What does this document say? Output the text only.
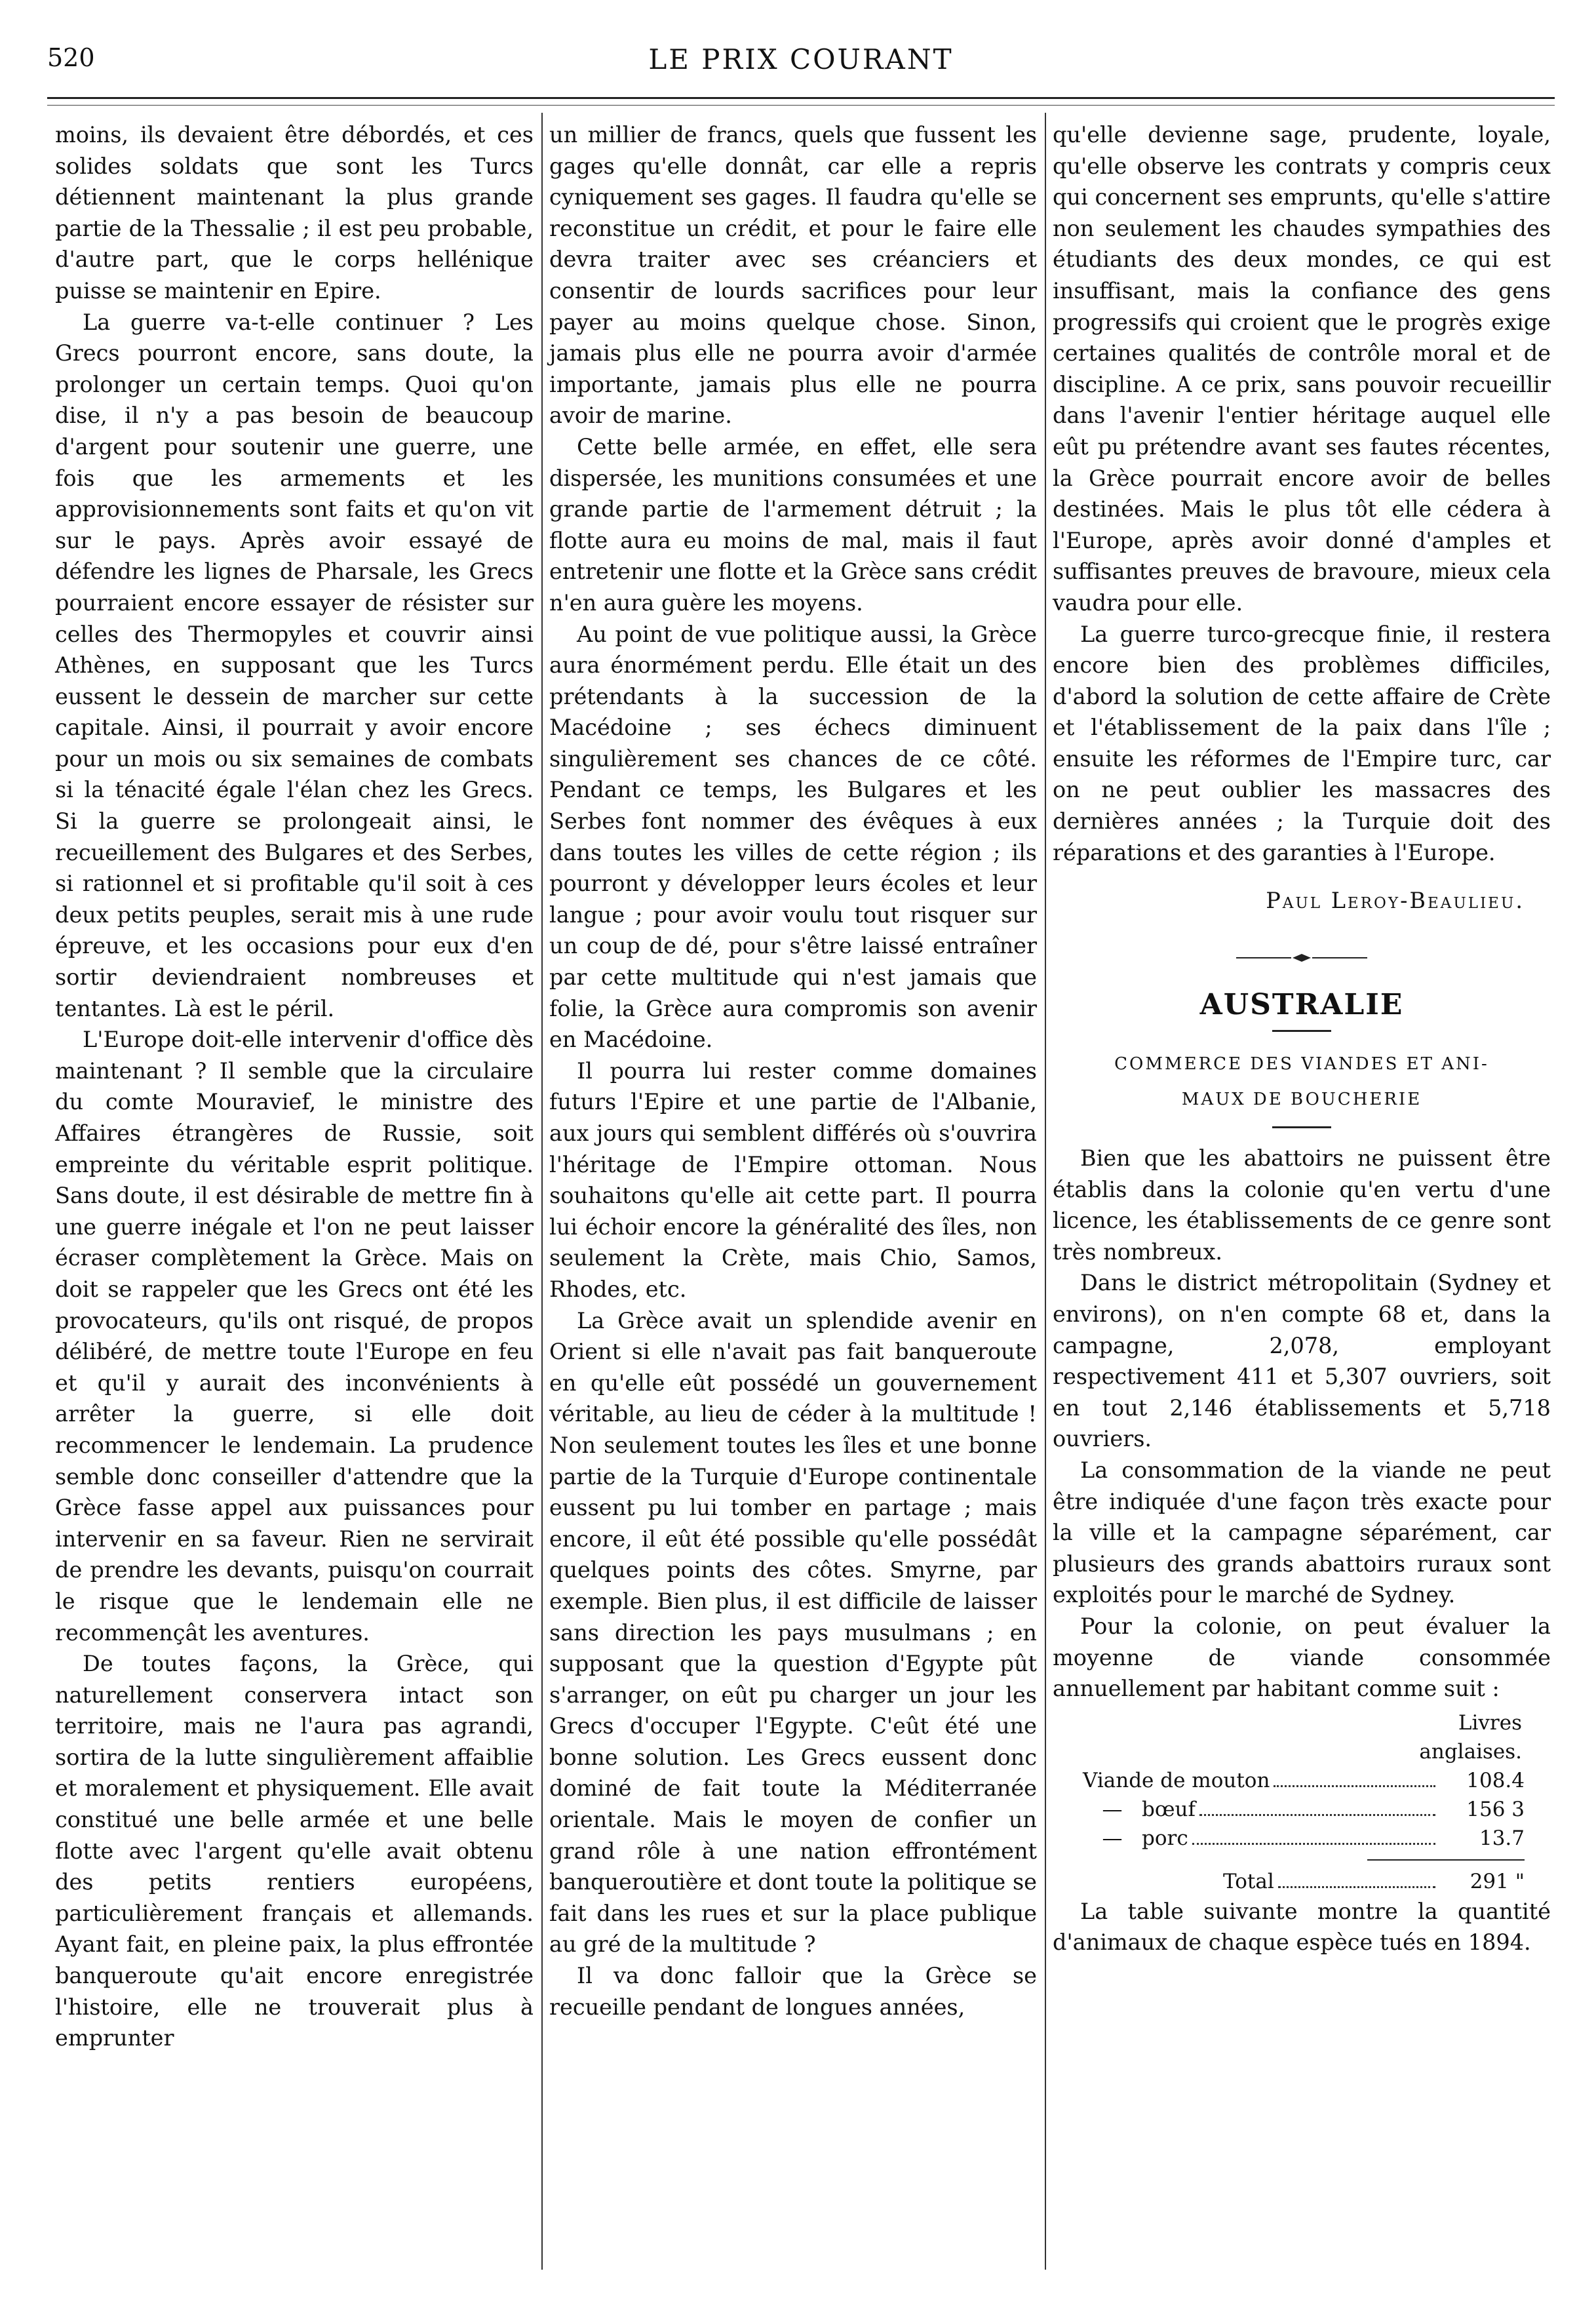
520	LE PRIX COURANT

moins, ils devaient être débordés, et ces solides soldats que sont les Turcs détiennent maintenant la plus grande partie de la Thessalie ; il est peu probable, d'autre part, que le corps hellénique puisse se maintenir en Epire.

La guerre va-t-elle continuer ? Les Grecs pourront encore, sans doute, la prolonger un certain temps. Quoi qu'on dise, il n'y a pas besoin de beaucoup d'argent pour soutenir une guerre, une fois que les armements et les approvisionnements sont faits et qu'on vit sur le pays. Après avoir essayé de défendre les lignes de Pharsale, les Grecs pourraient encore essayer de résister sur celles des Thermopyles et couvrir ainsi Athènes, en supposant que les Turcs eussent le dessein de marcher sur cette capitale. Ainsi, il pourrait y avoir encore pour un mois ou six semaines de combats si la ténacité égale l'élan chez les Grecs. Si la guerre se prolongeait ainsi, le recueillement des Bulgares et des Serbes, si rationnel et si profitable qu'il soit à ces deux petits peuples, serait mis à une rude épreuve, et les occasions pour eux d'en sortir deviendraient nombreuses et tentantes. Là est le péril.

L'Europe doit-elle intervenir d'office dès maintenant ? Il semble que la circulaire du comte Mouravief, le ministre des Affaires étrangères de Russie, soit empreinte du véritable esprit politique. Sans doute, il est désirable de mettre fin à une guerre inégale et l'on ne peut laisser écraser complètement la Grèce. Mais on doit se rappeler que les Grecs ont été les provocateurs, qu'ils ont risqué, de propos délibéré, de mettre toute l'Europe en feu et qu'il y aurait des inconvénients à arrêter la guerre, si elle doit recommencer le lendemain. La prudence semble donc conseiller d'attendre que la Grèce fasse appel aux puissances pour intervenir en sa faveur. Rien ne servirait de prendre les devants, puisqu'on courrait le risque que le lendemain elle ne recommençât les aventures.

De toutes façons, la Grèce, qui naturellement conservera intact son territoire, mais ne l'aura pas agrandi, sortira de la lutte singulièrement affaiblie et moralement et physiquement. Elle avait constitué une belle armée et une belle flotte avec l'argent qu'elle avait obtenu des petits rentiers européens, particulièrement français et allemands. Ayant fait, en pleine paix, la plus effrontée banqueroute qu'ait encore enregistrée l'histoire, elle ne trouverait plus à emprunter

un millier de francs, quels que fussent les gages qu'elle donnât, car elle a repris cyniquement ses gages. Il faudra qu'elle se reconstitue un crédit, et pour le faire elle devra traiter avec ses créanciers et consentir de lourds sacrifices pour leur payer au moins quelque chose. Sinon, jamais plus elle ne pourra avoir d'armée importante, jamais plus elle ne pourra avoir de marine.

Cette belle armée, en effet, elle sera dispersée, les munitions consumées et une grande partie de l'armement détruit ; la flotte aura eu moins de mal, mais il faut entretenir une flotte et la Grèce sans crédit n'en aura guère les moyens.

Au point de vue politique aussi, la Grèce aura énormément perdu. Elle était un des prétendants à la succession de la Macédoine ; ses échecs diminuent singulièrement ses chances de ce côté. Pendant ce temps, les Bulgares et les Serbes font nommer des évêques à eux dans toutes les villes de cette région ; ils pourront y développer leurs écoles et leur langue ; pour avoir voulu tout risquer sur un coup de dé, pour s'être laissé entraîner par cette multitude qui n'est jamais que folie, la Grèce aura compromis son avenir en Macédoine.

Il pourra lui rester comme domaines futurs l'Epire et une partie de l'Albanie, aux jours qui semblent différés où s'ouvrira l'héritage de l'Empire ottoman. Nous souhaitons qu'elle ait cette part. Il pourra lui échoir encore la généralité des îles, non seulement la Crète, mais Chio, Samos, Rhodes, etc.

La Grèce avait un splendide avenir en Orient si elle n'avait pas fait banqueroute en qu'elle eût possédé un gouvernement véritable, au lieu de céder à la multitude ! Non seulement toutes les îles et une bonne partie de la Turquie d'Europe continentale eussent pu lui tomber en partage ; mais encore, il eût été possible qu'elle possédât quelques points des côtes. Smyrne, par exemple. Bien plus, il est difficile de laisser sans direction les pays musulmans ; en supposant que la question d'Egypte pût s'arranger, on eût pu charger un jour les Grecs d'occuper l'Egypte. C'eût été une bonne solution. Les Grecs eussent donc dominé de fait toute la Méditerranée orientale. Mais le moyen de confier un grand rôle à une nation effrontément banqueroutière et dont toute la politique se fait dans les rues et sur la place publique au gré de la multitude ?

Il va donc falloir que la Grèce se recueille pendant de longues années,

qu'elle devienne sage, prudente, loyale, qu'elle observe les contrats y compris ceux qui concernent ses emprunts, qu'elle s'attire non seulement les chaudes sympathies des étudiants des deux mondes, ce qui est insuffisant, mais la confiance des gens progressifs qui croient que le progrès exige certaines qualités de contrôle moral et de discipline. A ce prix, sans pouvoir recueillir dans l'avenir l'entier héritage auquel elle eût pu prétendre avant ses fautes récentes, la Grèce pourrait encore avoir de belles destinées. Mais le plus tôt elle cédera à l'Europe, après avoir donné d'amples et suffisantes preuves de bravoure, mieux cela vaudra pour elle.

La guerre turco-grecque finie, il restera encore bien des problèmes difficiles, d'abord la solution de cette affaire de Crète et l'établissement de la paix dans l'île ; ensuite les réformes de l'Empire turc, car on ne peut oublier les massacres des dernières années ; la Turquie doit des réparations et des garanties à l'Europe.

Paul Leroy-Beaulieu.
AUSTRALIE
COMMERCE DES VIANDES ET ANI-
MAUX DE BOUCHERIE

Bien que les abattoirs ne puissent être établis dans la colonie qu'en vertu d'une licence, les établissements de ce genre sont très nombreux.

Dans le district métropolitain (Sydney et environs), on n'en compte 68 et, dans la campagne, 2,078, employant respectivement 411 et 5,307 ouvriers, soit en tout 2,146 établissements et 5,718 ouvriers.

La consommation de la viande ne peut être indiquée d'une façon très exacte pour la ville et la campagne séparément, car plusieurs des grands abattoirs ruraux sont exploités pour le marché de Sydney.

Pour la colonie, on peut évaluer la moyenne de viande consommée annuellement par habitant comme suit :

Livres
anglaises.
Viande de mouton	108.4
— bœuf	156 3
— porc	13.7
Total	291 "

La table suivante montre la quantité d'animaux de chaque espèce tués en 1894.
